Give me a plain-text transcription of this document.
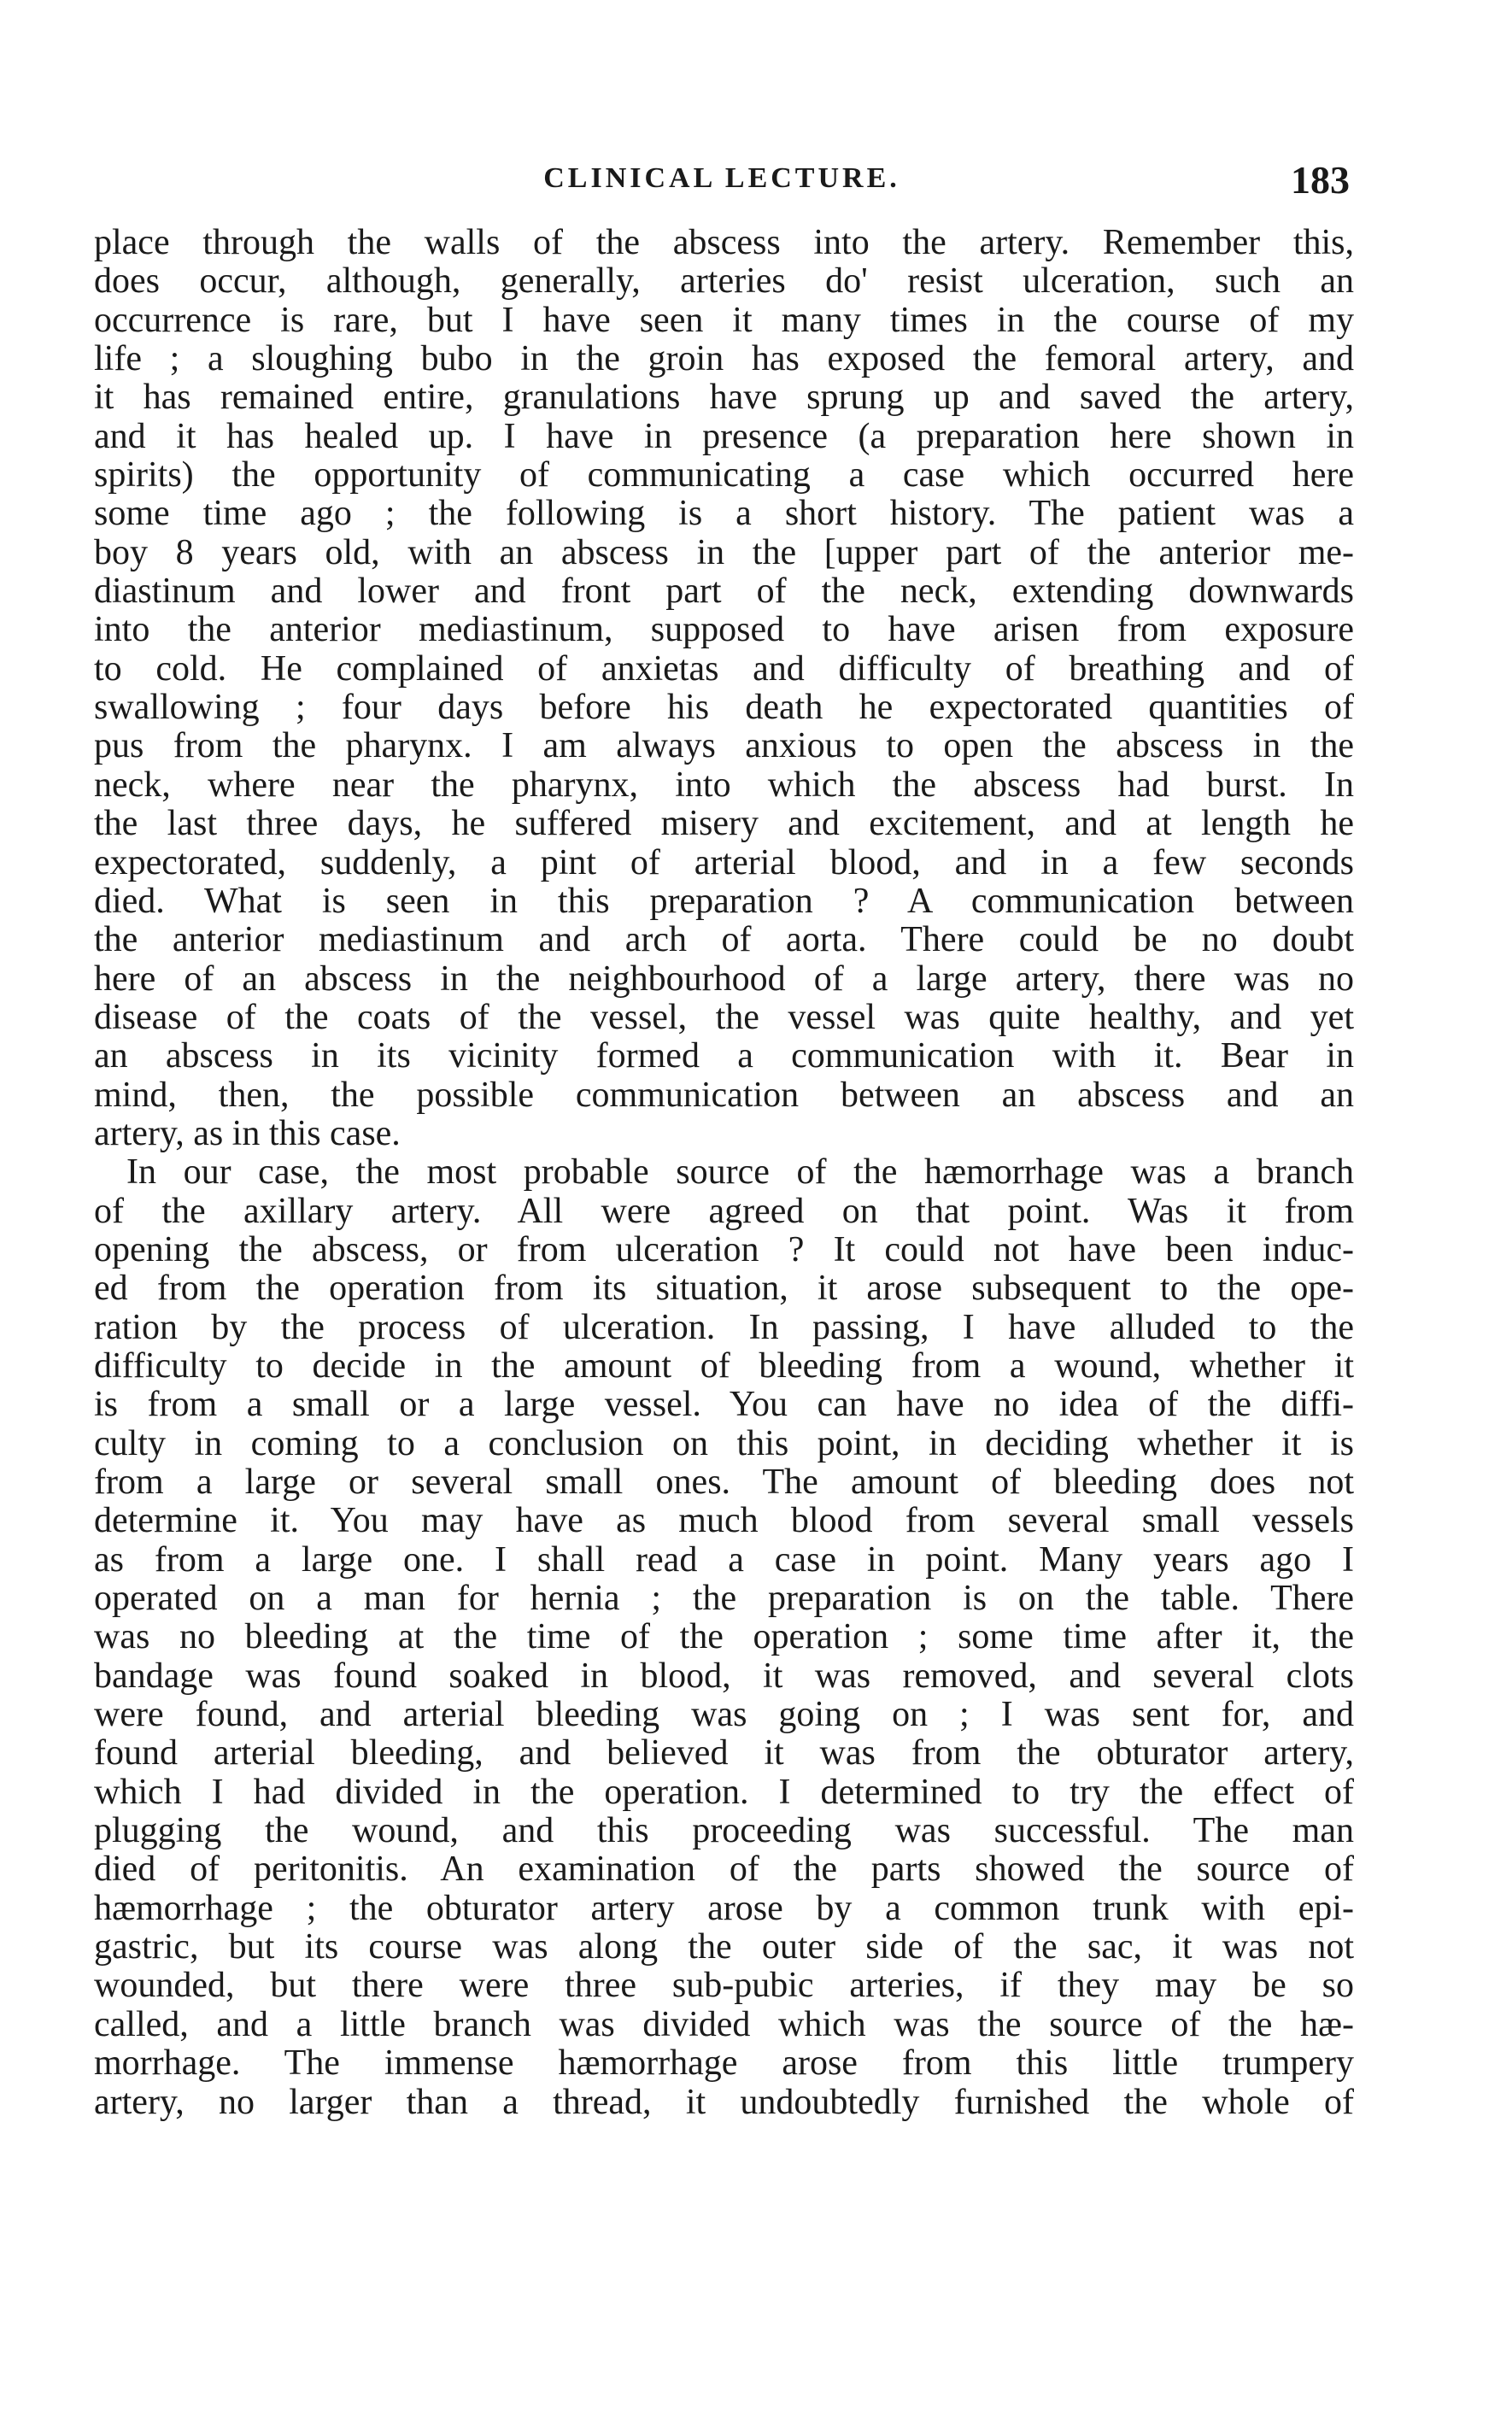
CLINICAL LECTURE.	183
place through the walls of the abscess into the artery. Remember this,
does occur, although, generally, arteries do' resist ulceration, such an
occurrence is rare, but I have seen it many times in the course of my
life ; a sloughing bubo in the groin has exposed the femoral artery, and
it has remained entire, granulations have sprung up and saved the artery,
and it has healed up. I have in presence (a preparation here shown in
spirits) the opportunity of communicating a case which occurred here
some time ago ; the following is a short history. The patient was a
boy 8 years old, with an abscess in the [upper part of the anterior me-
diastinum and lower and front part of the neck, extending downwards
into the anterior mediastinum, supposed to have arisen from exposure
to cold. He complained of anxietas and difficulty of breathing and of
swallowing ; four days before his death he expectorated quantities of
pus from the pharynx. I am always anxious to open the abscess in the
neck, where near the pharynx, into which the abscess had burst. In
the last three days, he suffered misery and excitement, and at length he
expectorated, suddenly, a pint of arterial blood, and in a few seconds
died. What is seen in this preparation ? A communication between
the anterior mediastinum and arch of aorta. There could be no doubt
here of an abscess in the neighbourhood of a large artery, there was no
disease of the coats of the vessel, the vessel was quite healthy, and yet
an abscess in its vicinity formed a communication with it. Bear in
mind, then, the possible communication between an abscess and an
artery, as in this case.
In our case, the most probable source of the hæmorrhage was a branch
of the axillary artery. All were agreed on that point. Was it from
opening the abscess, or from ulceration ? It could not have been induc-
ed from the operation from its situation, it arose subsequent to the ope-
ration by the process of ulceration. In passing, I have alluded to the
difficulty to decide in the amount of bleeding from a wound, whether it
is from a small or a large vessel. You can have no idea of the diffi-
culty in coming to a conclusion on this point, in deciding whether it is
from a large or several small ones. The amount of bleeding does not
determine it. You may have as much blood from several small vessels
as from a large one. I shall read a case in point. Many years ago I
operated on a man for hernia ; the preparation is on the table. There
was no bleeding at the time of the operation ; some time after it, the
bandage was found soaked in blood, it was removed, and several clots
were found, and arterial bleeding was going on ; I was sent for, and
found arterial bleeding, and believed it was from the obturator artery,
which I had divided in the operation. I determined to try the effect of
plugging the wound, and this proceeding was successful. The man
died of peritonitis. An examination of the parts showed the source of
hæmorrhage ; the obturator artery arose by a common trunk with epi-
gastric, but its course was along the outer side of the sac, it was not
wounded, but there were three sub-pubic arteries, if they may be so
called, and a little branch was divided which was the source of the hæ-
morrhage. The immense hæmorrhage arose from this little trumpery
artery, no larger than a thread, it undoubtedly furnished the whole of
